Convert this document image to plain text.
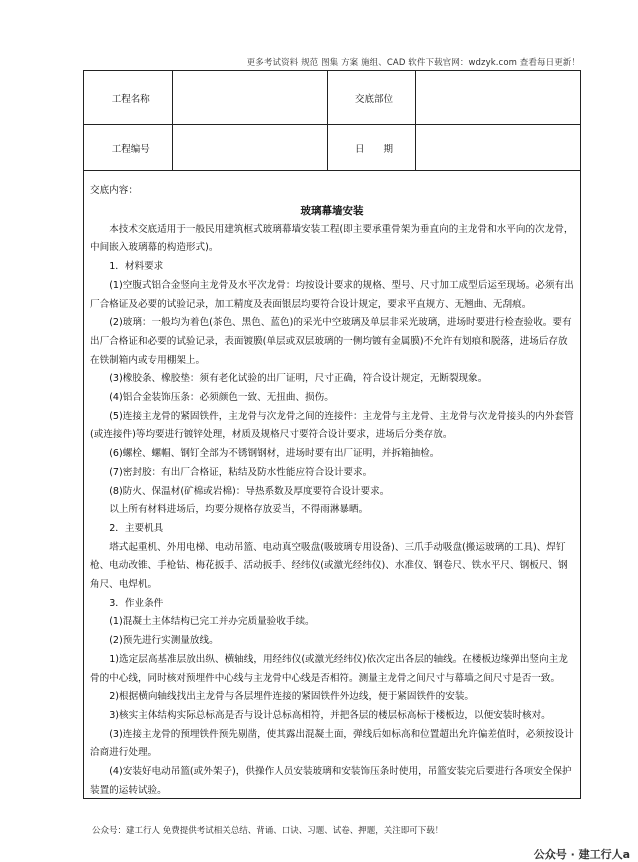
更多考试资料 规范 图集 方案 施组、CAD 软件下载官网：wdzyk.com 查看每日更新！
工程名称		交底部位	
工程编号		日　　期	

交底内容：

玻璃幕墙安装

本技术交底适用于一般民用建筑框式玻璃幕墙安装工程(即主要承重骨架为垂直向的主龙骨和水平向的次龙骨，中间嵌入玻璃幕的构造形式)。

1．材料要求

(1)空腹式铝合金竖向主龙骨及水平次龙骨：均按设计要求的规格、型号、尺寸加工成型后运至现场。必须有出厂合格证及必要的试验记录，加工精度及表面银层均要符合设计规定，要求平直规方、无翘曲、无刮痕。

(2)玻璃：一般均为着色(茶色、黑色、蓝色)的采光中空玻璃及单层非采光玻璃，进场时要进行检查验收。要有出厂合格证和必要的试验记录，表面镀膜(单层或双层玻璃的一侧均镀有金属膜)不允许有划痕和脱落，进场后存放在铁制箱内或专用棚架上。

(3)橡胶条、橡胶垫：须有老化试验的出厂证明，尺寸正确，符合设计规定，无断裂现象。

(4)铝合金装饰压条：必须颜色一致、无扭曲、损伤。

(5)连接主龙骨的紧固铁件，主龙骨与次龙骨之间的连接件：主龙骨与主龙骨、主龙骨与次龙骨接头的内外套管(或连接件)等均要进行镀锌处理，材质及规格尺寸要符合设计要求，进场后分类存放。

(6)螺栓、螺帽、钢钉全部为不锈钢钢材，进场时要有出厂证明，并拆箱抽检。

(7)密封胶：有出厂合格证，粘结及防水性能应符合设计要求。

(8)防火、保温材(矿棉或岩棉)：导热系数及厚度要符合设计要求。

以上所有材料进场后，均要分规格存放妥当，不得雨淋暴晒。

2．主要机具

塔式起重机、外用电梯、电动吊篮、电动真空吸盘(吸玻璃专用设备)、三爪手动吸盘(搬运玻璃的工具)、焊钉枪、电动改锥、手枪钻、梅花扳手、活动扳手、经纬仪(或激光经纬仪)、水准仪、钢卷尺、铁水平尺、钢板尺、钢角尺、电焊机。

3．作业条件

(1)混凝土主体结构已完工并办完质量验收手续。

(2)预先进行实测量放线。

1)选定层高基准层放出纵、横轴线，用经纬仪(或激光经纬仪)依次定出各层的轴线。在楼板边缘弹出竖向主龙骨的中心线，同时核对预埋件中心线与主龙骨中心线是否相符。测量主龙骨之间尺寸与幕墙之间尺寸是否一致。

2)根据横向轴线找出主龙骨与各层埋件连接的紧固铁件外边线，便于紧固铁件的安装。

3)核实主体结构实际总标高是否与设计总标高相符，并把各层的楼层标高标于楼板边，以便安装时核对。

(3)连接主龙骨的预埋铁件预先剔凿，使其露出混凝土面，弹线后如标高和位置超出允许偏差值时，必须按设计洽商进行处理。

(4)安装好电动吊篮(或外架子)，供操作人员安装玻璃和安装饰压条时使用，吊篮安装完后要进行各项安全保护装置的运转试验。

公众号：建工行人 免费提供考试相关总结、背诵、口诀、习题、试卷、押题，关注即可下载！
公众号 · 建工行人a
